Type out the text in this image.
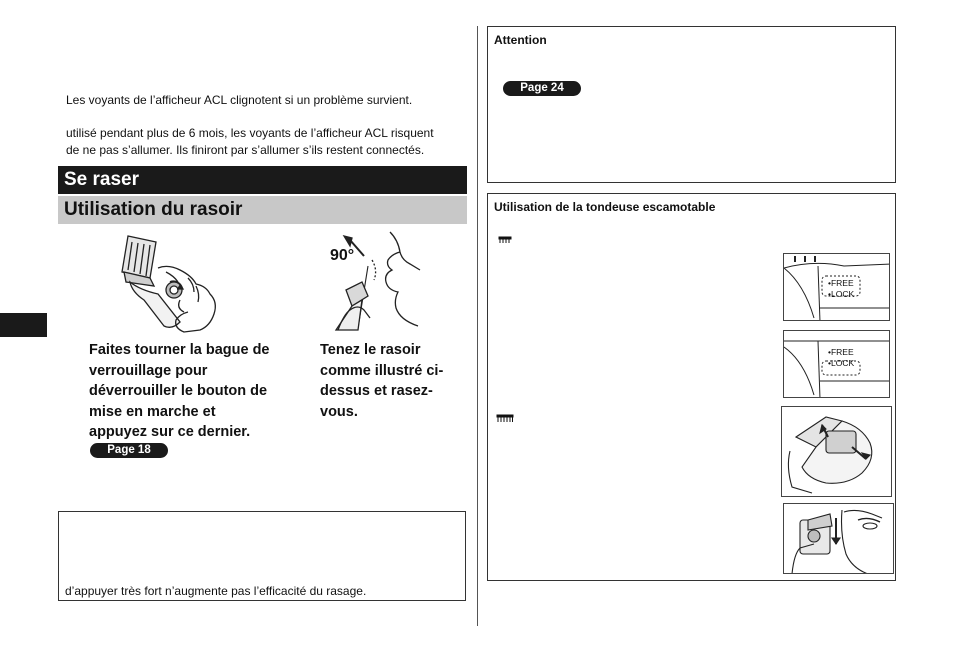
Les voyants de l’afficheur ACL clignotent si un problème survient.
utilisé pendant plus de 6 mois, les voyants de l’afficheur ACL risquent
de ne pas s’allumer. Ils finiront par s’allumer s’ils restent connectés.
Se raser
Utilisation du rasoir
90°
Faites tourner la bague de
verrouillage pour
déverrouiller le bouton de
mise en marche et
appuyez sur ce dernier.
Page 18
Tenez le rasoir
comme illustré ci-
dessus et rasez-
vous.
d’appuyer très fort n’augmente pas l’efficacité du rasage.
Attention
Page 24
Utilisation de la tondeuse escamotable
•FREE
•LOCK
•FREE
•LOCK
